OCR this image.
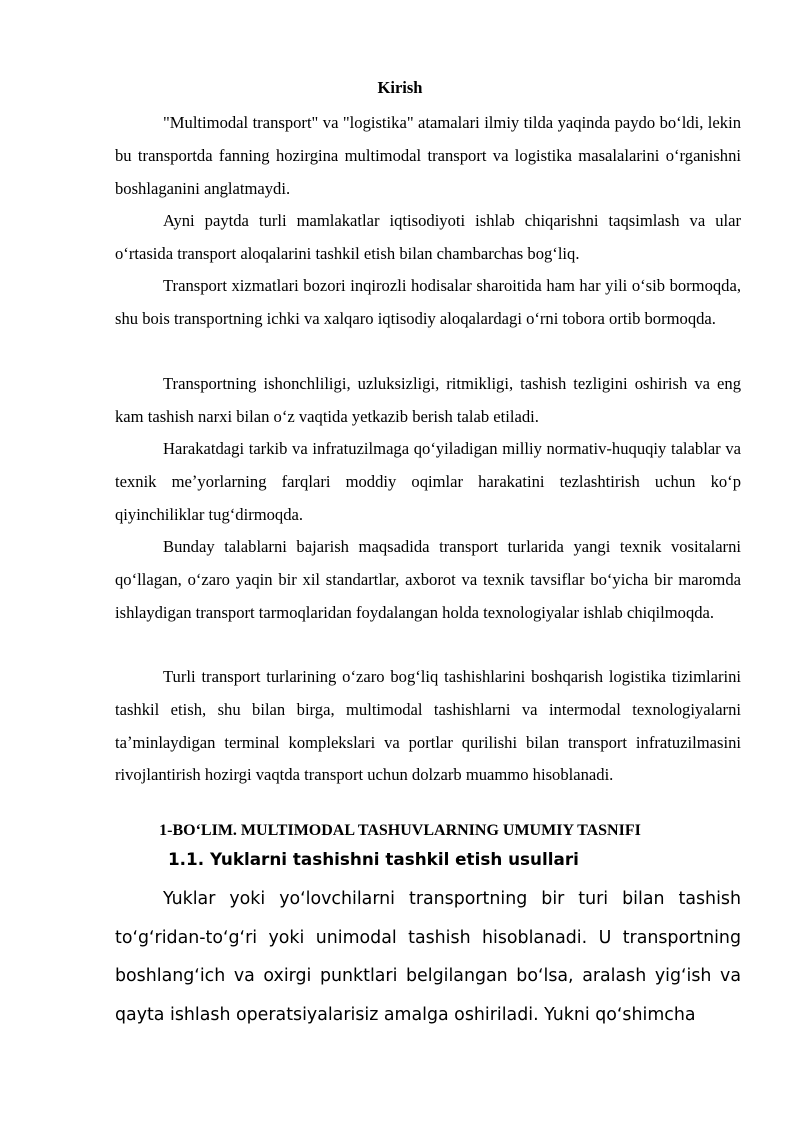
Kirish

"Multimodal transport" va "logistika" atamalari ilmiy tilda yaqinda paydo boʻldi, lekin bu transportda fanning hozirgina multimodal transport va logistika masalalarini oʻrganishni boshlaganini anglatmaydi.

Ayni paytda turli mamlakatlar iqtisodiyoti ishlab chiqarishni taqsimlash va ular oʻrtasida transport aloqalarini tashkil etish bilan chambarchas bogʻliq.

Transport xizmatlari bozori inqirozli hodisalar sharoitida ham har yili oʻsib bormoqda, shu bois transportning ichki va xalqaro iqtisodiy aloqalardagi oʻrni tobora ortib bormoqda.

Transportning ishonchliligi, uzluksizligi, ritmikligi, tashish tezligini oshirish va eng kam tashish narxi bilan oʻz vaqtida yetkazib berish talab etiladi.

Harakatdagi tarkib va infratuzilmaga qoʻyiladigan milliy normativ-huquqiy talablar va texnik meʼyorlarning farqlari moddiy oqimlar harakatini tezlashtirish uchun koʻp qiyinchiliklar tugʻdirmoqda.

Bunday talablarni bajarish maqsadida transport turlarida yangi texnik vositalarni qoʻllagan, oʻzaro yaqin bir xil standartlar, axborot va texnik tavsiflar boʻyicha bir maromda ishlaydigan transport tarmoqlaridan foydalangan holda texnologiyalar ishlab chiqilmoqda.

Turli transport turlarining oʻzaro bogʻliq tashishlarini boshqarish logistika tizimlarini tashkil etish, shu bilan birga, multimodal tashishlarni va intermodal texnologiyalarni taʼminlaydigan terminal komplekslari va portlar qurilishi bilan transport infratuzilmasini rivojlantirish hozirgi vaqtda transport uchun dolzarb muammo hisoblanadi.

1-BOʻLIM. MULTIMODAL TASHUVLARNING UMUMIY TASNIFI
1.1. Yuklarni tashishni tashkil etish usullari

Yuklar yoki yoʻlovchilarni transportning bir turi bilan tashish toʻgʻridan-toʻgʻri yoki unimodal tashish hisoblanadi. U transportning boshlangʻich va oxirgi punktlari belgilangan boʻlsa, aralash yigʻish va qayta ishlash operatsiyalarisiz amalga oshiriladi. Yukni qoʻshimcha
